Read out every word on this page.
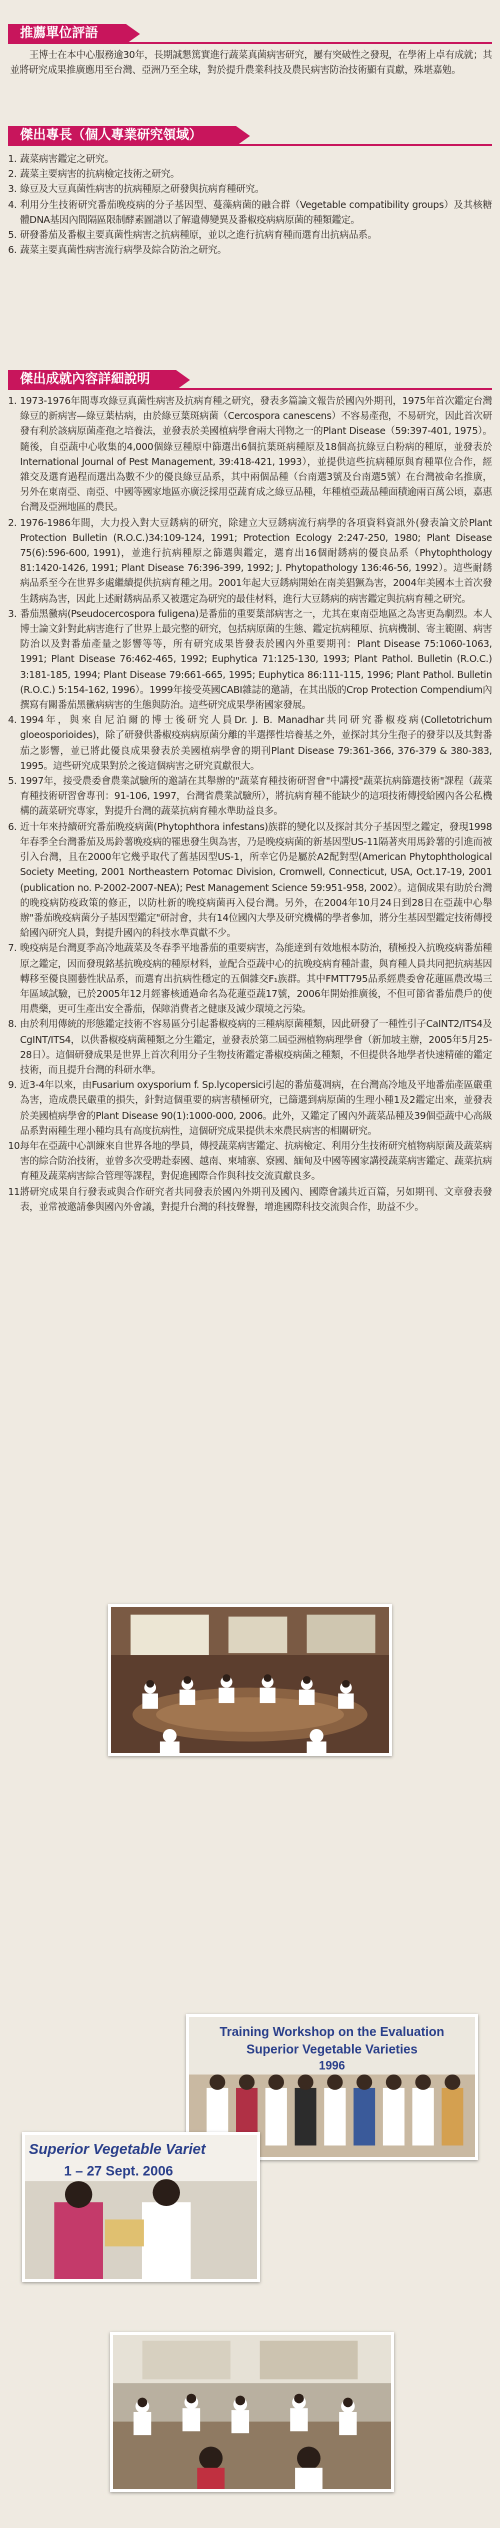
推薦單位評語

王博士在本中心服務逾30年，長期誠懇篤實進行蔬菜真菌病害研究，屢有突破性之發現，在學術上卓有成就；其並將研究成果推廣應用至台灣、亞洲乃至全球，對於提升農業科技及農民病害防治技術顯有貢獻，殊堪嘉勉。

傑出專長（個人專業研究領域）
1. 蔬菜病害鑑定之研究。
2. 蔬菜主要病害的抗病檢定技術之研究。
3. 綠豆及大豆真菌性病害的抗病種原之研發與抗病育種研究。
4. 利用分生技術研究番茄晚疫病的分子基因型、蔓藻病菌的融合群（Vegetable compatibility groups）及其核糖體DNA基因內間隔區限制酵素圖譜以了解遺傳變異及番椒疫病病原菌的種類鑑定。
5. 研發番茄及番椒主要真菌性病害之抗病種原，並以之進行抗病育種而選育出抗病品系。
6. 蔬菜主要真菌性病害流行病學及綜合防治之研究。
傑出成就內容詳細說明
1. 1973-1976年間專攻綠豆真菌性病害及抗病育種之研究，發表多篇論文報告於國內外期刊，1975年首次鑑定台灣綠豆的新病害—綠豆葉枯病，由於綠豆葉斑病菌（Cercospora canescens）不容易產孢，不易研究，因此首次研發有利於該病原菌產孢之培養法，並發表於美國植病學會兩大刊物之一的Plant Disease（59:397-401, 1975）。隨後，自亞蔬中心收集的4,000個綠豆種原中篩選出6個抗葉斑病種原及18個高抗綠豆白粉病的種原，並發表於International Journal of Pest Management, 39:418-421, 1993），並提供這些抗病種原與育種單位合作，經雜交及選育過程而選出為數不少的優良綠豆品系，其中兩個品種（台南選3號及台南選5號）在台灣被命名推廣，另外在東南亞、南亞、中國等國家地區亦廣泛採用亞蔬育成之綠豆品種，年種植亞蔬品種面積逾兩百萬公頃，嘉惠台灣及亞洲地區的農民。
2. 1976-1986年間，大力投入對大豆銹病的研究，除建立大豆銹病流行病學的各項資料資訊外(發表論文於Plant Protection Bulletin (R.O.C.)34:109-124, 1991; Protection Ecology 2:247-250, 1980; Plant Disease 75(6):596-600, 1991)，並進行抗病種原之篩選與鑑定，選育出16個耐銹病的優良品系（Phytophthology 81:1420-1426, 1991; Plant Disease 76:396-399, 1992; J. Phytopathology 136:46-56, 1992）。這些耐銹病品系至今在世界多處繼續提供抗病育種之用。2001年起大豆銹病開始在南美猖獗為害，2004年美國本土首次發生銹病為害，因此上述耐銹病品系又被選定為研究的最佳材料，進行大豆銹病的病害鑑定與抗病育種之研究。
3. 番茄黑黴病(Pseudocercospora fuligena)是番茄的重要葉部病害之一，尤其在東南亞地區之為害更為劇烈。本人博士論文針對此病害進行了世界上最完整的研究，包括病原菌的生態、鑑定抗病種原、抗病機制、寄主範圍、病害防治以及對番茄產量之影響等等，所有研究成果皆發表於國內外重要期刊：Plant Disease 75:1060-1063, 1991; Plant Disease 76:462-465, 1992; Euphytica 71:125-130, 1993; Plant Pathol. Bulletin (R.O.C.) 3:181-185, 1994; Plant Disease 79:661-665, 1995; Euphytica 86:111-115, 1996; Plant Pathol. Bulletin (R.O.C.) 5:154-162, 1996）。1999年接受英國CABI雜誌的邀請，在其出版的Crop Protection Compendium內撰寫有關番茄黑黴病病害的生態與防治。這些研究成果學術國家發展。
4. 1994年，與來自尼泊爾的博士後研究人員Dr. J. B. Manadhar共同研究番椒疫病(Colletotrichum gloeosporioides)，除了研發供番椒疫病病原菌分離的半選擇性培養基之外，並探討其分生孢子的發芽以及其對番茄之影響，並已將此優良成果發表於美國植病學會的期刊Plant Disease 79:361-366, 376-379 & 380-383, 1995。這些研究成果對於之後這個病害之研究貢獻很大。
5. 1997年，接受農委會農業試驗所的邀請在其舉辦的"蔬菜育種技術研習會"中講授"蔬菜抗病篩選技術"課程（蔬菜育種技術研習會專刊：91-106, 1997，台灣省農業試驗所），將抗病育種不能缺少的這項技術傳授給國內各公私機構的蔬菜研究專家，對提升台灣的蔬菜抗病育種水準助益良多。
6. 近十年來持續研究番茄晚疫病菌(Phytophthora infestans)族群的變化以及探討其分子基因型之鑑定，發現1998年春季全台灣番茄及馬鈴薯晚疫病的罹患發生與為害，乃是晚疫病菌的新基因型US-11隔著夾用馬鈴薯的引進而被引入台灣，且在2000年它幾乎取代了舊基因型US-1，所幸它仍是屬於A2配對型(American Phytophthological Society Meeting, 2001 Northeastern Potomac Division, Cromwell, Connecticut, USA, Oct.17-19, 2001 (publication no. P-2002-2007-NEA); Pest Management Science 59:951-958, 2002）。這個成果有助於台灣的晚疫病防疫政策的修正，以防杜新的晚疫病菌再入侵台灣。另外，在2004年10月24日到28日在亞蔬中心舉辦"番茄晚疫病菌分子基因型鑑定"研討會，共有14位國內大學及研究機構的學者參加，將分生基因型鑑定技術傳授給國內研究人員，對提升國內的科技水準貢獻不少。
7. 晚疫病是台灣夏季高冷地蔬菜及冬春季平地番茄的重要病害，為能達到有效地根本防治，積極投入抗晚疫病番茄種原之鑑定，因而發現銘基抗晚疫病的種原材料，並配合亞蔬中心的抗晚疫病育種計畫，與育種人員共同把抗病基因轉移至優良園藝性狀品系，而選育出抗病性穩定的五個雜交F₁族群。其中FMTT795品系經農委會花蓮區農改場三年區域試驗，已於2005年12月經審核通過命名為花蓮亞蔬17號，2006年開始推廣後，不但可節省番茄農戶的使用農藥，更可生產出安全番茄，保障消費者之健康及減少環境之污染。
8. 由於利用傳統的形態鑑定技術不容易區分引起番椒疫病的三種病原菌種類，因此研發了一種性引子CaINT2/ITS4及CgINT/ITS4，以供番椒疫病菌種類之分生鑑定，並發表於第二屆亞洲植物病理學會（新加坡主辦，2005年5月25-28日）。這個研發成果是世界上首次利用分子生物技術鑑定番椒疫病菌之種類，不但提供各地學者快速精確的鑑定技術，而且提升台灣的科研水準。
9. 近3-4年以來，由Fusarium oxysporium f. Sp.lycopersici引起的番茄蔓凋病，在台灣高冷地及平地番茄產區嚴重為害，造成農民嚴重的損失，針對這個重要的病害積極研究，已篩選到病原菌的生理小種1及2鑑定出來，並發表於美國植病學會的Plant Disease 90(1):1000-000, 2006。此外，又鑑定了國內外蔬菜品種及39個亞蔬中心高級品系對兩種生理小種均具有高度抗病性，這個研究成果提供未來農民病害的相關研究。
10.
每年在亞蔬中心訓練來自世界各地的學員，傳授蔬菜病害鑑定、抗病檢定、利用分生技術研究植物病原菌及蔬菜病害的綜合防治技術，並曾多次受聘赴泰國、越南、柬埔寨、寮國、緬甸及中國等國家講授蔬菜病害鑑定、蔬菜抗病育種及蔬菜病害綜合管理等課程，對促進國際合作與科技交流貢獻良多。
11.
將研究成果自行發表或與合作研究者共同發表於國內外期刊及國內、國際會議共近百篇，另如期刊、文章發表發表，並常被邀請參與國內外會議，對提升台灣的科技聲譽，增進國際科技交流與合作，助益不少。
Training Workshop on the Evaluation
Superior Vegetable Varieties
1996
Superior Vegetable Variet
1 – 27 Sept. 2006
